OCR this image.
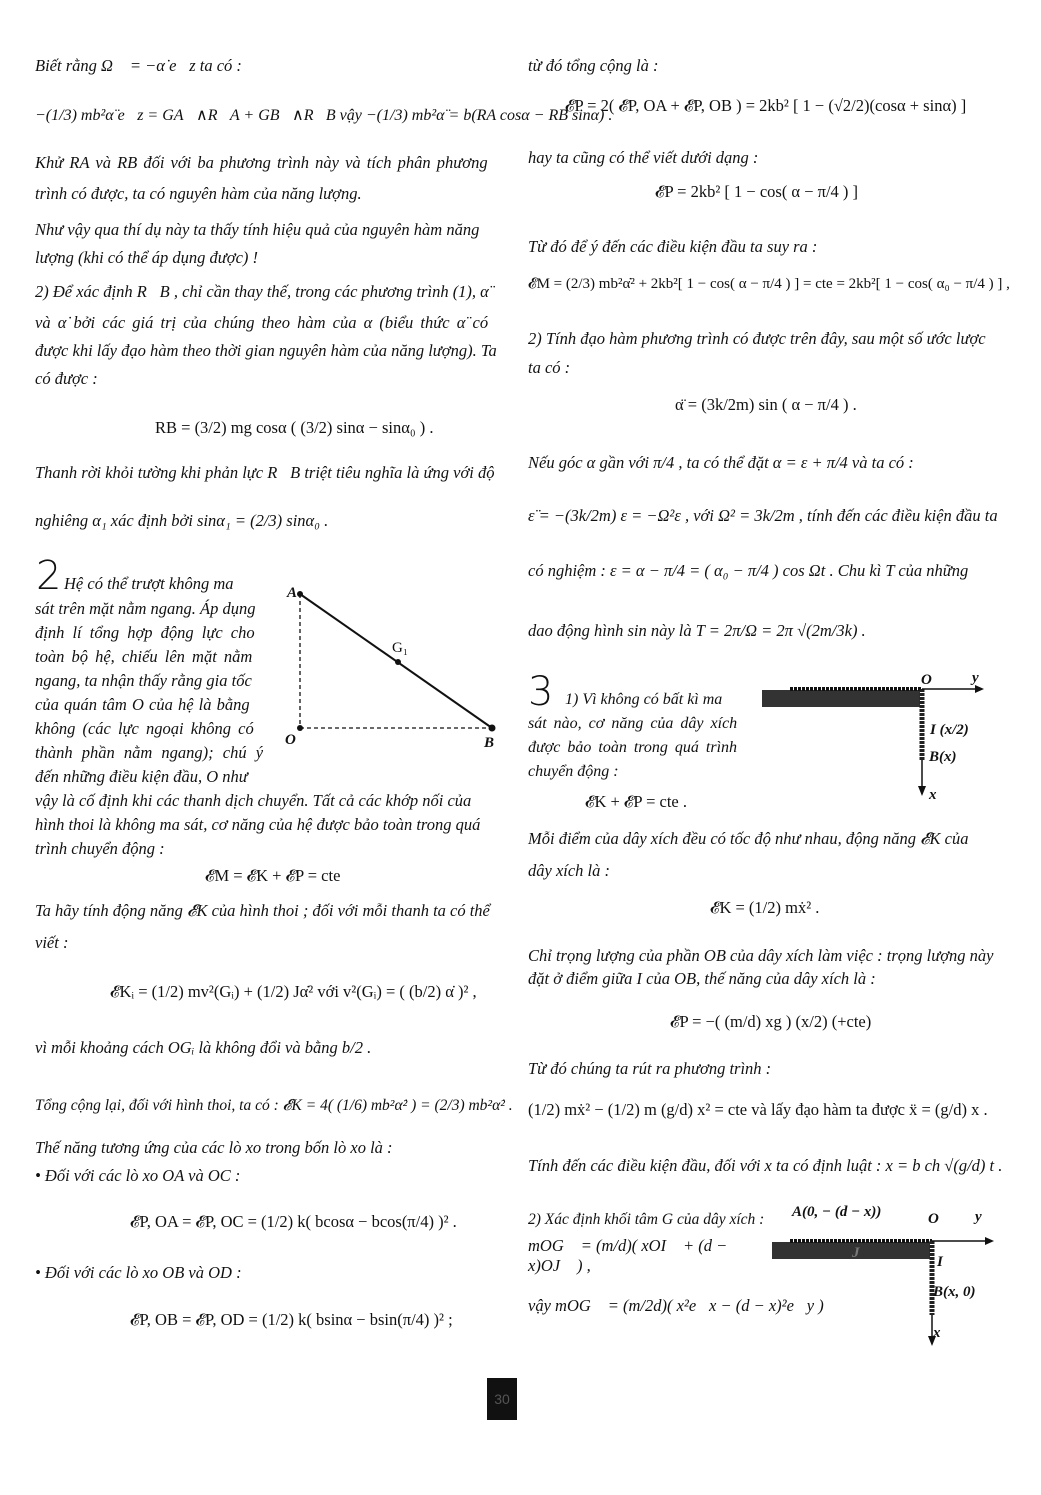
Biết rằng Ω⃗ = −α̇ e⃗z ta có :
−(1/3) mb²α̈ e⃗z = GA⃗∧R⃗A + GB⃗∧R⃗B vậy −(1/3) mb²α̈ = b(RA cosα − RB sinα) .
Khử RA và RB đối với ba phương trình này và tích phân phương
trình có được, ta có nguyên hàm của năng lượng.
Như vậy qua thí dụ này ta thấy tính hiệu quả của nguyên hàm năng
lượng (khi có thể áp dụng được) !
2) Để xác định R⃗B , chỉ cần thay thế, trong các phương trình (1), α̈
và α̇ bởi các giá trị của chúng theo hàm của α (biểu thức α̈ có
được khi lấy đạo hàm theo thời gian nguyên hàm của năng lượng). Ta
có được :
RB = (3/2) mg cosα ( (3/2) sinα − sinα₀ ) .
Thanh rời khỏi tường khi phản lực R⃗B triệt tiêu nghĩa là ứng với độ
nghiêng α₁ xác định bởi sinα₁ = (2/3) sinα₀ .
2 Hệ có thể trượt không ma
sát trên mặt nằm ngang. Áp dụng
định lí tổng hợp động lực cho
toàn bộ hệ, chiếu lên mặt nằm
ngang, ta nhận thấy rằng gia tốc
của quán tâm O của hệ là bằng
không (các lực ngoại không có
thành phần nằm ngang); chú ý
đến những điều kiện đầu, O như
vậy là cố định khi các thanh dịch chuyển. Tất cả các khớp nối của
hình thoi là không ma sát, cơ năng của hệ được bảo toàn trong quá
trình chuyển động :
A
G₁
O	B
𝓔M = 𝓔K + 𝓔P = cte
Ta hãy tính động năng 𝓔K của hình thoi ; đối với mỗi thanh ta có thể
viết :
𝓔Kᵢ = (1/2) mv²(Gᵢ) + (1/2) Jα̇² với v²(Gᵢ) = ( (b/2) α̇ )² ,
vì mỗi khoảng cách OGᵢ là không đổi và bằng b/2 .
Tổng cộng lại, đối với hình thoi, ta có : 𝓔K = 4( (1/6) mb²α̇² ) = (2/3) mb²α̇² .
Thế năng tương ứng của các lò xo trong bốn lò xo là :
• Đối với các lò xo OA và OC :
𝓔P, OA = 𝓔P, OC = (1/2) k( bcosα − bcos(π/4) )² .
• Đối với các lò xo OB và OD :
𝓔P, OB = 𝓔P, OD = (1/2) k( bsinα − bsin(π/4) )² ;
từ đó tổng cộng là :
𝓔P = 2( 𝓔P, OA + 𝓔P, OB ) = 2kb² [ 1 − (√2/2)(cosα + sinα) ]
hay ta cũng có thể viết dưới dạng :
𝓔P = 2kb² [ 1 − cos( α − π/4 ) ]
Từ đó để ý đến các điều kiện đầu ta suy ra :
𝓔M = (2/3) mb²α̇² + 2kb²[ 1 − cos( α − π/4 ) ] = cte = 2kb²[ 1 − cos( α₀ − π/4 ) ] ,
2) Tính đạo hàm phương trình có được trên đây, sau một số ước lược
ta có :
α̈ = (3k/2m) sin ( α − π/4 ) .
Nếu góc α gần với π/4 , ta có thể đặt α = ε + π/4 và ta có :
ε̈ = −(3k/2m) ε = −Ω²ε , với Ω² = 3k/2m , tính đến các điều kiện đầu ta
có nghiệm : ε = α − π/4 = ( α₀ − π/4 ) cos Ωt . Chu kì T của những
dao động hình sin này là T = 2π/Ω = 2π √(2m/3k) .
3 1) Vì không có bất kì ma
sát nào, cơ năng của dây xích
được bảo toàn trong quá trình
chuyển động :
𝓔K + 𝓔P = cte .
O	y
I (x/2)
B(x)
x
Mỗi điểm của dây xích đều có tốc độ như nhau, động năng 𝓔K của
dây xích là :
𝓔K = (1/2) mẋ² .
Chỉ trọng lượng của phần OB của dây xích làm việc : trọng lượng này
đặt ở điểm giữa I của OB, thế năng của dây xích là :
𝓔P = −( (m/d) xg ) (x/2) (+cte)
Từ đó chúng ta rút ra phương trình :
(1/2) mẋ² − (1/2) m (g/d) x² = cte và lấy đạo hàm ta được ẍ = (g/d) x .
Tính đến các điều kiện đầu, đối với x ta có định luật : x = b ch √(g/d) t .
2) Xác định khối tâm G của dây xích :
mOG⃗ = (m/d)( xOI⃗ + (d − x)OJ⃗ ) ,
vậy mOG⃗ = (m/2d)( x²e⃗x − (d − x)²e⃗y )
A(0, − (d − x))	O y
J
I
B(x, 0)
x
30
